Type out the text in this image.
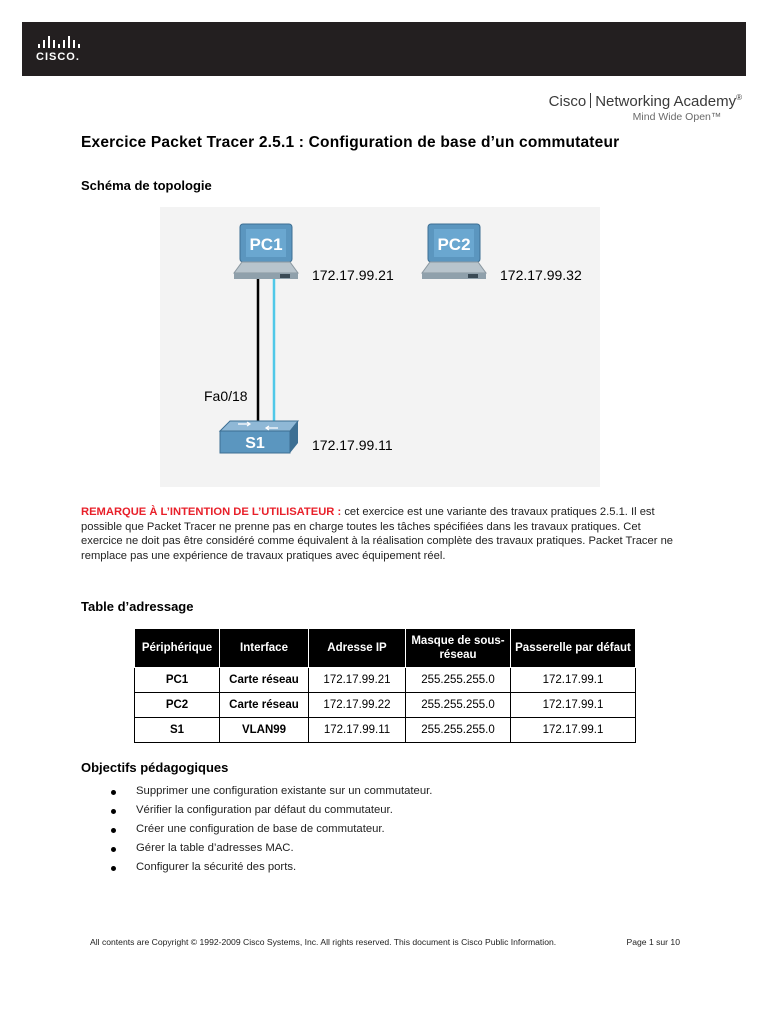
CISCO.
Cisco Networking Academy®
Mind Wide Open™
Exercice Packet Tracer 2.5.1 : Configuration de base d’un commutateur
Schéma de topologie
PC1
172.17.99.21
PC2
172.17.99.32
Fa0/18
S1	172.17.99.11
REMARQUE À L’INTENTION DE L’UTILISATEUR : cet exercice est une variante des travaux pratiques 2.5.1. Il est possible que Packet Tracer ne prenne pas en charge toutes les tâches spécifiées dans les travaux pratiques. Cet exercice ne doit pas être considéré comme équivalent à la réalisation complète des travaux pratiques. Packet Tracer ne remplace pas une expérience de travaux pratiques avec équipement réel.
Table d’adressage
Périphérique	Interface	Adresse IP	Masque de sous-réseau	Passerelle par défaut
PC1	Carte réseau	172.17.99.21	255.255.255.0	172.17.99.1
PC2	Carte réseau	172.17.99.22	255.255.255.0	172.17.99.1
S1	VLAN99	172.17.99.11	255.255.255.0	172.17.99.1
Objectifs pédagogiques
Supprimer une configuration existante sur un commutateur.
Vérifier la configuration par défaut du commutateur.
Créer une configuration de base de commutateur.
Gérer la table d’adresses MAC.
Configurer la sécurité des ports.
All contents are Copyright © 1992-2009 Cisco Systems, Inc. All rights reserved. This document is Cisco Public Information.	Page 1 sur 10
